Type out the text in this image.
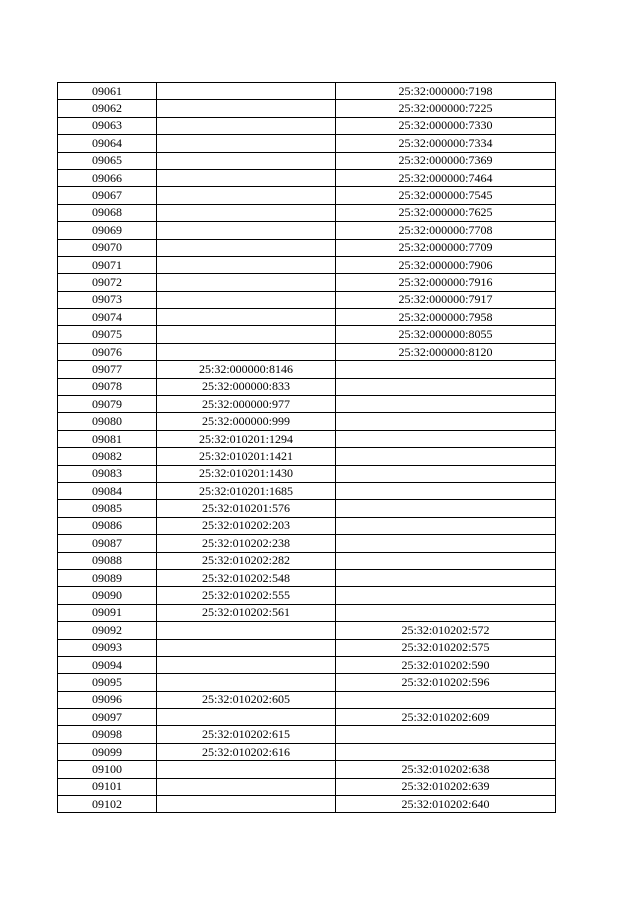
09061		25:32:000000:7198
09062		25:32:000000:7225
09063		25:32:000000:7330
09064		25:32:000000:7334
09065		25:32:000000:7369
09066		25:32:000000:7464
09067		25:32:000000:7545
09068		25:32:000000:7625
09069		25:32:000000:7708
09070		25:32:000000:7709
09071		25:32:000000:7906
09072		25:32:000000:7916
09073		25:32:000000:7917
09074		25:32:000000:7958
09075		25:32:000000:8055
09076		25:32:000000:8120
09077	25:32:000000:8146	
09078	25:32:000000:833	
09079	25:32:000000:977	
09080	25:32:000000:999	
09081	25:32:010201:1294	
09082	25:32:010201:1421	
09083	25:32:010201:1430	
09084	25:32:010201:1685	
09085	25:32:010201:576	
09086	25:32:010202:203	
09087	25:32:010202:238	
09088	25:32:010202:282	
09089	25:32:010202:548	
09090	25:32:010202:555	
09091	25:32:010202:561	
09092		25:32:010202:572
09093		25:32:010202:575
09094		25:32:010202:590
09095		25:32:010202:596
09096	25:32:010202:605	
09097		25:32:010202:609
09098	25:32:010202:615	
09099	25:32:010202:616	
09100		25:32:010202:638
09101		25:32:010202:639
09102		25:32:010202:640
